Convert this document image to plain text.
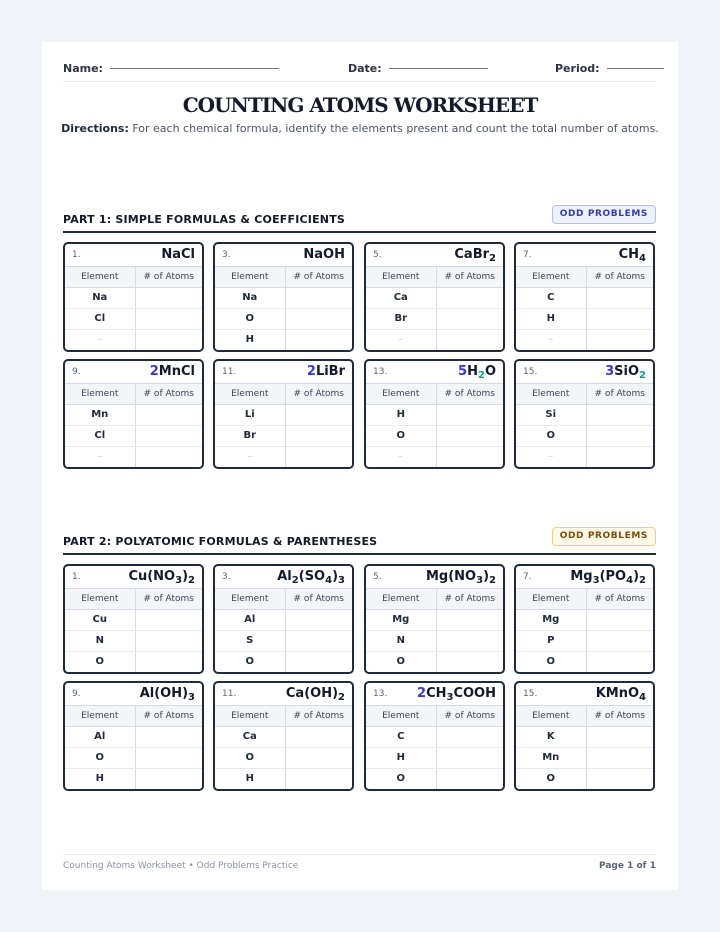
Name:	Date:	Period:
COUNTING ATOMS WORKSHEET
Directions: For each chemical formula, identify the elements present and count the total number of atoms.
PART 1: SIMPLE FORMULAS & COEFFICIENTS	ODD PROBLEMS
1.	NaCl
Element	# of Atoms
Na	
Cl	
–	
3.	NaOH
Element	# of Atoms
Na	
O	
H	
5.	CaBr$_2$
Element	# of Atoms
Ca	
Br	
–	
7.	$CH_4$
Element	# of Atoms
C	
H	
–	
9.	2MnCl
Element	# of Atoms
Mn	
Cl	
–	
11.	2LiBr
Element	# of Atoms
Li	
Br	
–	
13.	$5H_2O$
Element	# of Atoms
H	
O	
–	
15.	3SiO$_2$
Element	# of Atoms
Si	
O	
–	
PART 2: POLYATOMIC FORMULAS & PARENTHESES	ODD PROBLEMS
1.	$Cu(NO_3)_2$
Element	# of Atoms
Cu	
N	
O	
3.	$Al_2(SO_4)_3$
Element	# of Atoms
Al	
S	
O	
5.	$Mg(NO_3)_2$
Element	# of Atoms
Mg	
N	
O	
7.	$Mg_3(PO_4)_2$
Element	# of Atoms
Mg	
P	
O	
9.	$Al(OH)_3$
Element	# of Atoms
Al	
O	
H	
11.	$Ca(OH)_2$
Element	# of Atoms
Ca	
O	
H	
13. $2CH_3COOH$
Element	# of Atoms
C	
H	
O	
15.	KMnO$_4$
Element	# of Atoms
K	
Mn	
O	
Counting Atoms Worksheet • Odd Problems Practice	Page 1 of 1
